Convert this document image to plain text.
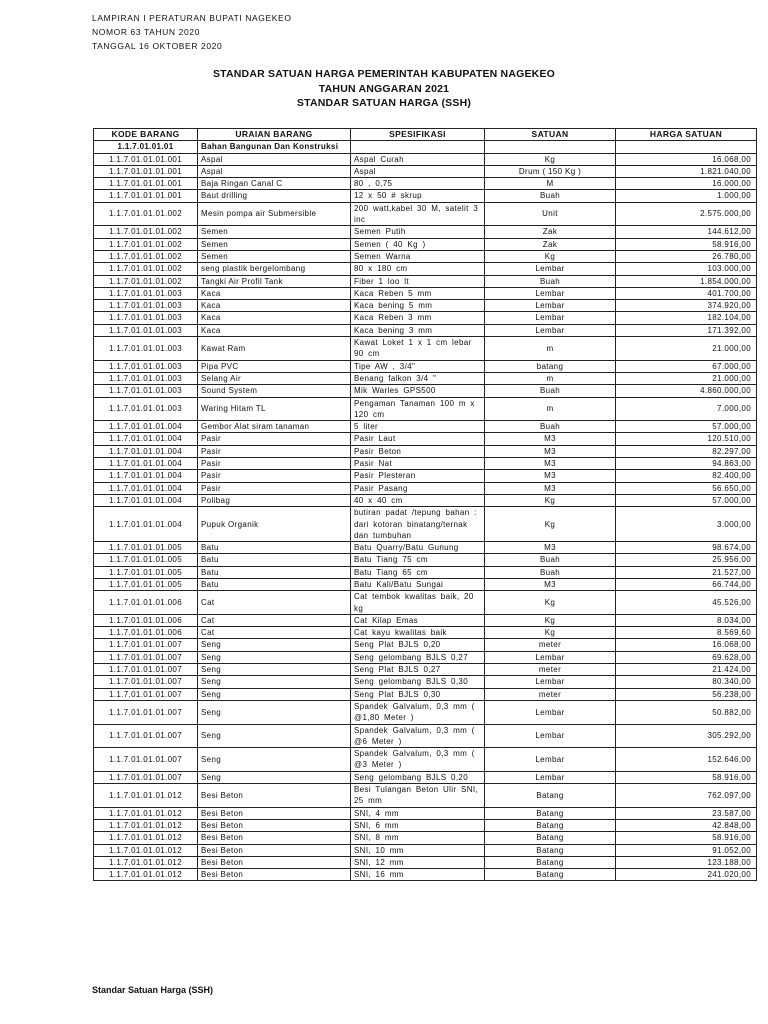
LAMPIRAN I PERATURAN BUPATI NAGEKEO
NOMOR 63 TAHUN 2020
TANGGAL 16 OKTOBER 2020
STANDAR SATUAN HARGA PEMERINTAH KABUPATEN NAGEKEO
TAHUN ANGGARAN 2021
STANDAR SATUAN HARGA (SSH)
KODE BARANG	URAIAN BARANG	SPESIFIKASI	SATUAN	HARGA SATUAN
1.1.7.01.01.01	Bahan Bangunan Dan Konstruksi			
1.1.7.01.01.01.001	Aspal	Aspal Curah	Kg	16.068,00
1.1.7.01.01.01.001	Aspal	Aspal	Drum ( 150 Kg )	1.821.040,00
1.1.7.01.01.01.001	Baja Ringan Canal C	80 , 0,75	M	16.000,00
1.1.7.01.01.01.001	Baut drilling	12 x 50 # skrup	Buah	1.000,00
1.1.7.01.01.01.002	Mesin pompa air Submersible	200 watt,kabel 30 M, satelit 3 inc	Unit	2.575.000,00
1.1.7.01.01.01.002	Semen	Semen Putih	Zak	144.612,00
1.1.7.01.01.01.002	Semen	Semen ( 40 Kg )	Zak	58.916,00
1.1.7.01.01.01.002	Semen	Semen Warna	Kg	26.780,00
1.1.7.01.01.01.002	seng plastik bergelombang	80 x 180 cm	Lembar	103.000,00
1.1.7.01.01.01.002	Tangki Air Profil Tank	Fiber 1 loo lt	Buah	1.854.000,00
1.1.7.01.01.01.003	Kaca	Kaca Reben 5 mm	Lembar	401.700,00
1.1.7.01.01.01.003	Kaca	Kaca bening 5 mm	Lembar	374.920,00
1.1.7.01.01.01.003	Kaca	Kaca Reben 3 mm	Lembar	182.104,00
1.1.7.01.01.01.003	Kaca	Kaca bening 3 mm	Lembar	171.392,00
1.1.7.01.01.01.003	Kawat Ram	Kawat Loket 1 x 1 cm lebar 90 cm	m	21.000,00
1.1.7.01.01.01.003	Pipa PVC	Tipe AW , 3/4"	batang	67.000,00
1.1.7.01.01.01.003	Selang Air	Benang falkon 3/4 "	m	21.000,00
1.1.7.01.01.01.003	Sound System	Mik Warles GPS500	Buah	4.860.000,00
1.1.7.01.01.01.003	Waring Hitam TL	Pengaman Tanaman 100 m x 120 cm	m	7.000,00
1.1.7.01.01.01.004	Gembor Alat siram tanaman	5 liter	Buah	57.000,00
1.1.7.01.01.01.004	Pasir	Pasir Laut	M3	120.510,00
1.1.7.01.01.01.004	Pasir	Pasir Beton	M3	82.297,00
1.1.7.01.01.01.004	Pasir	Pasir Nat	M3	94.863,00
1.1.7.01.01.01.004	Pasir	Pasir Plesteran	M3	82.400,00
1.1.7.01.01.01.004	Pasir	Pasir Pasang	M3	56.650,00
1.1.7.01.01.01.004	Polibag	40 x 40 cm	Kg	57.000,00
1.1.7.01.01.01.004	Pupuk Organik	butiran padat /tepung bahan : dari kotoran binatang/ternak dan tumbuhan	Kg	3.000,00
1.1.7.01.01.01.005	Batu	Batu Quarry/Batu Gunung	M3	98.674,00
1.1.7.01.01.01.005	Batu	Batu Tiang 75 cm	Buah	25.956,00
1.1.7.01.01.01.005	Batu	Batu Tiang 65 cm	Buah	21.527,00
1.1.7.01.01.01.005	Batu	Batu Kali/Batu Sungai	M3	66.744,00
1.1.7.01.01.01.006	Cat	Cat tembok kwalitas baik, 20 kg	Kg	45.526,00
1.1.7.01.01.01.006	Cat	Cat Kilap Emas	Kg	8.034,00
1.1.7.01.01.01.006	Cat	Cat kayu kwalitas baik	Kg	8.569,60
1.1.7.01.01.01.007	Seng	Seng Plat BJLS 0,20	meter	16.068,00
1.1.7.01.01.01.007	Seng	Seng gelombang BJLS 0,27	Lembar	69.628,00
1.1.7.01.01.01.007	Seng	Seng Plat BJLS 0,27	meter	21.424,00
1.1.7.01.01.01.007	Seng	Seng gelombang BJLS 0,30	Lembar	80.340,00
1.1.7.01.01.01.007	Seng	Seng Plat BJLS 0,30	meter	56.238,00
1.1.7.01.01.01.007	Seng	Spandek Galvalum, 0,3 mm ( @1,80 Meter )	Lembar	50.882,00
1.1.7.01.01.01.007	Seng	Spandek Galvalum, 0,3 mm ( @6 Meter )	Lembar	305.292,00
1.1.7.01.01.01.007	Seng	Spandek Galvalum, 0,3 mm ( @3 Meter )	Lembar	152.646,00
1.1.7.01.01.01.007	Seng	Seng gelombang BJLS 0,20	Lembar	58.916,00
1.1.7.01.01.01.012	Besi Beton	Besi Tulangan Beton Ulir SNI, 25 mm	Batang	762.097,00
1.1.7.01.01.01.012	Besi Beton	SNI, 4 mm	Batang	23.587,00
1.1.7.01.01.01.012	Besi Beton	SNI, 6 mm	Batang	42.848,00
1.1.7.01.01.01.012	Besi Beton	SNI, 8 mm	Batang	58.916,00
1.1.7.01.01.01.012	Besi Beton	SNI, 10 mm	Batang	91.052,00
1.1.7.01.01.01.012	Besi Beton	SNI, 12 mm	Batang	123.188,00
1.1.7.01.01.01.012	Besi Beton	SNI, 16 mm	Batang	241.020,00
Standar Satuan Harga (SSH)
